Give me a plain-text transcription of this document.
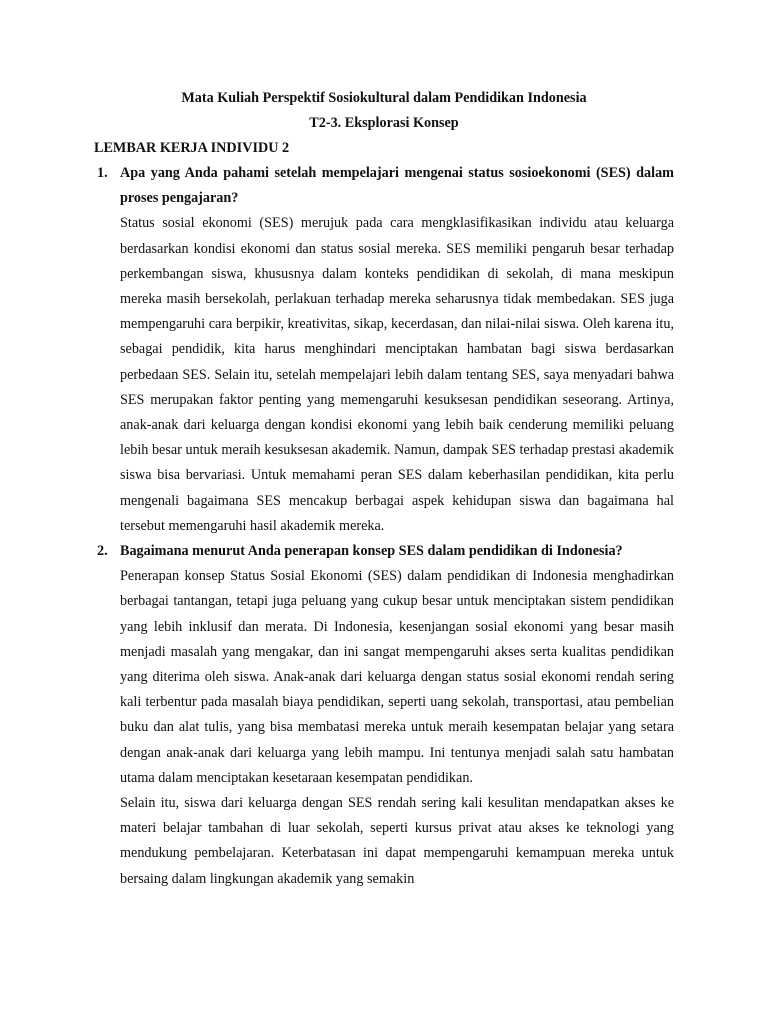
Mata Kuliah Perspektif Sosiokultural dalam Pendidikan Indonesia

T2-3. Eksplorasi Konsep

LEMBAR KERJA INDIVIDU 2

1. Apa yang Anda pahami setelah mempelajari mengenai status sosioekonomi (SES) dalam proses pengajaran?

Status sosial ekonomi (SES) merujuk pada cara mengklasifikasikan individu atau keluarga berdasarkan kondisi ekonomi dan status sosial mereka. SES memiliki pengaruh besar terhadap perkembangan siswa, khususnya dalam konteks pendidikan di sekolah, di mana meskipun mereka masih bersekolah, perlakuan terhadap mereka seharusnya tidak membedakan. SES juga mempengaruhi cara berpikir, kreativitas, sikap, kecerdasan, dan nilai-nilai siswa. Oleh karena itu, sebagai pendidik, kita harus menghindari menciptakan hambatan bagi siswa berdasarkan perbedaan SES. Selain itu, setelah mempelajari lebih dalam tentang SES, saya menyadari bahwa SES merupakan faktor penting yang memengaruhi kesuksesan pendidikan seseorang. Artinya, anak-anak dari keluarga dengan kondisi ekonomi yang lebih baik cenderung memiliki peluang lebih besar untuk meraih kesuksesan akademik. Namun, dampak SES terhadap prestasi akademik siswa bisa bervariasi. Untuk memahami peran SES dalam keberhasilan pendidikan, kita perlu mengenali bagaimana SES mencakup berbagai aspek kehidupan siswa dan bagaimana hal tersebut memengaruhi hasil akademik mereka.

2. Bagaimana menurut Anda penerapan konsep SES dalam pendidikan di Indonesia?

Penerapan konsep Status Sosial Ekonomi (SES) dalam pendidikan di Indonesia menghadirkan berbagai tantangan, tetapi juga peluang yang cukup besar untuk menciptakan sistem pendidikan yang lebih inklusif dan merata. Di Indonesia, kesenjangan sosial ekonomi yang besar masih menjadi masalah yang mengakar, dan ini sangat mempengaruhi akses serta kualitas pendidikan yang diterima oleh siswa. Anak-anak dari keluarga dengan status sosial ekonomi rendah sering kali terbentur pada masalah biaya pendidikan, seperti uang sekolah, transportasi, atau pembelian buku dan alat tulis, yang bisa membatasi mereka untuk meraih kesempatan belajar yang setara dengan anak-anak dari keluarga yang lebih mampu. Ini tentunya menjadi salah satu hambatan utama dalam menciptakan kesetaraan kesempatan pendidikan.

Selain itu, siswa dari keluarga dengan SES rendah sering kali kesulitan mendapatkan akses ke materi belajar tambahan di luar sekolah, seperti kursus privat atau akses ke teknologi yang mendukung pembelajaran. Keterbatasan ini dapat mempengaruhi kemampuan mereka untuk bersaing dalam lingkungan akademik yang semakin
